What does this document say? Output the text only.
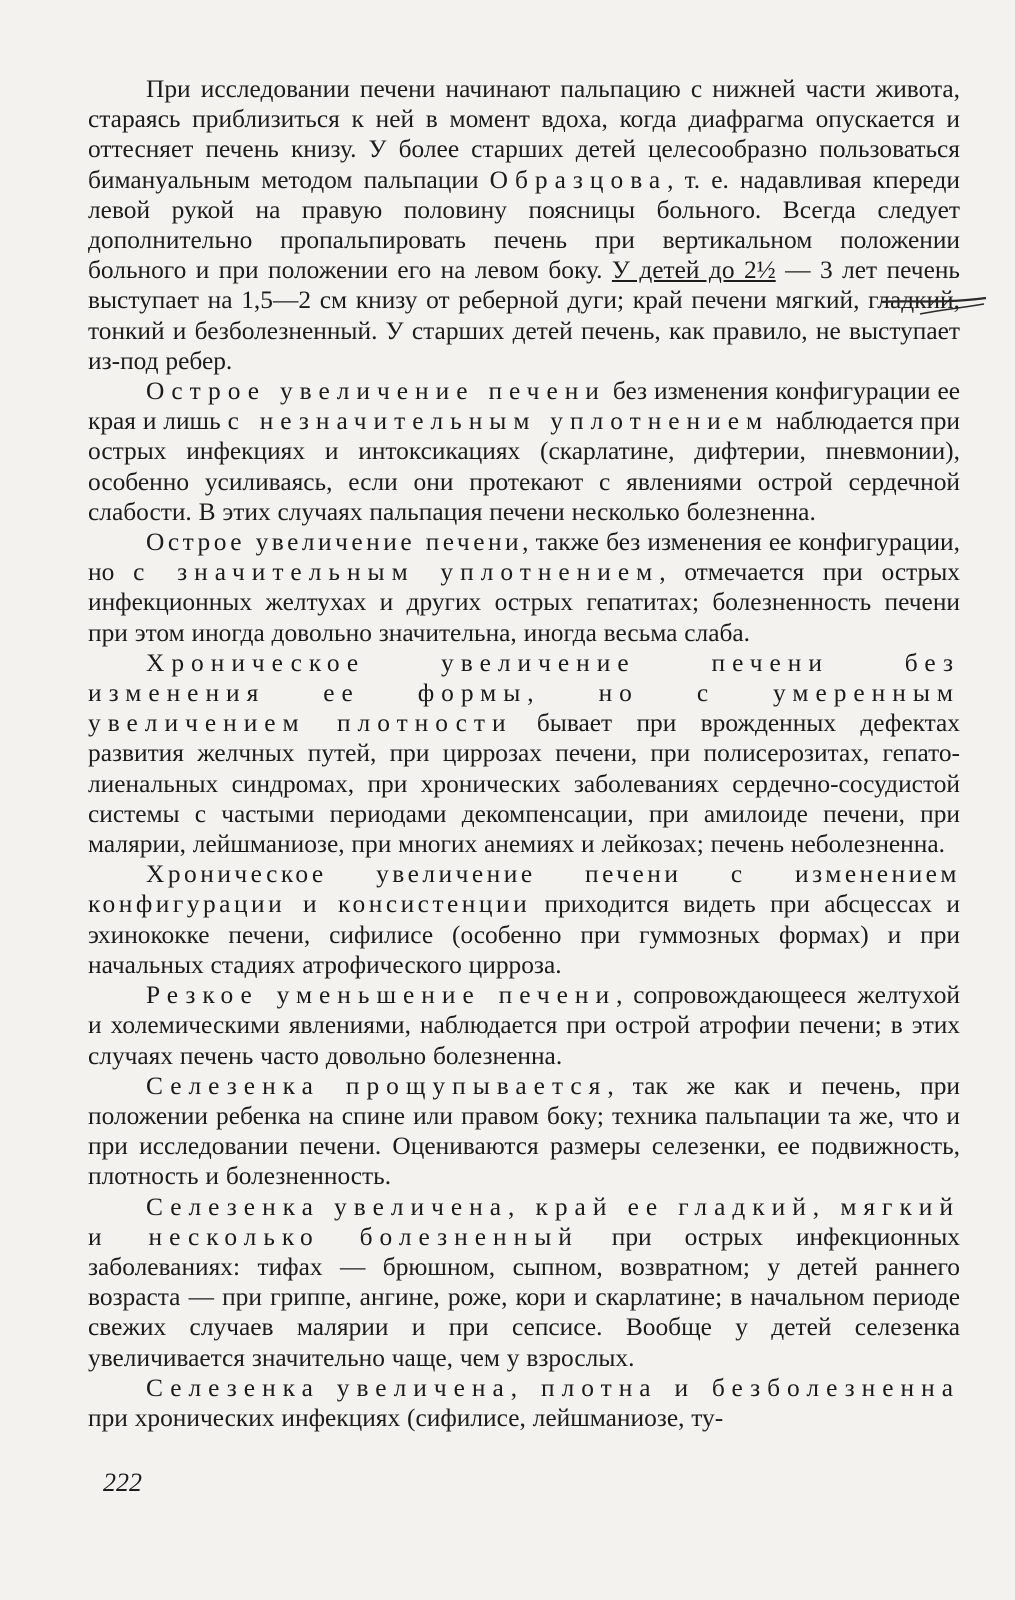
При исследовании печени начинают пальпацию с нижней части живота, стараясь приблизиться к ней в момент вдоха, когда диафрагма опускается и оттесняет печень книзу. У более старших детей целесообразно пользоваться бимануальным методом пальпации Образцова, т. е. надавливая кпереди левой рукой на правую половину поясницы больного. Всегда следует дополнительно пропальпировать печень при вертикальном положении больного и при положении его на левом боку. У детей до 2½ — 3 лет печень выступает на 1,5—2 см книзу от реберной дуги; край печени мягкий, гладкий, тонкий и безболезненный. У старших детей печень, как правило, не выступает из-под ребер.

Острое увеличение печени без изменения конфигурации ее края и лишь с незначительным уплотнением наблюдается при острых инфекциях и интоксикациях (скарлатине, дифтерии, пневмонии), особенно усиливаясь, если они протекают с явлениями острой сердечной слабости. В этих случаях пальпация печени несколько болезненна.

Острое увеличение печени, также без изменения ее конфигурации, но с значительным уплотнением, отмечается при острых инфекционных желтухах и других острых гепатитах; болезненность печени при этом иногда довольно значительна, иногда весьма слаба.

Хроническое увеличение печени без изменения ее формы, но с умеренным увеличением плотности бывает при врожденных дефектах развития желчных путей, при циррозах печени, при полисерозитах, гепато-лиенальных синдромах, при хронических заболеваниях сердечно-сосудистой системы с частыми периодами декомпенсации, при амилоиде печени, при малярии, лейшманиозе, при многих анемиях и лейкозах; печень неболезненна.

Хроническое увеличение печени с изменением конфигурации и консистенции приходится видеть при абсцессах и эхинококке печени, сифилисе (особенно при гуммозных формах) и при начальных стадиях атрофического цирроза.

Резкое уменьшение печени, сопровождающееся желтухой и холемическими явлениями, наблюдается при острой атрофии печени; в этих случаях печень часто довольно болезненна.

Селезенка прощупывается, так же как и печень, при положении ребенка на спине или правом боку; техника пальпации та же, что и при исследовании печени. Оцениваются размеры селезенки, ее подвижность, плотность и болезненность.

Селезенка увеличена, край ее гладкий, мягкий и несколько болезненный при острых инфекционных заболеваниях: тифах — брюшном, сыпном, возвратном; у детей раннего возраста — при гриппе, ангине, роже, кори и скарлатине; в начальном периоде свежих случаев малярии и при сепсисе. Вообще у детей селезенка увеличивается значительно чаще, чем у взрослых.

Селезенка увеличена, плотна и безболезненна при хронических инфекциях (сифилисе, лейшманиозе, ту-

222
